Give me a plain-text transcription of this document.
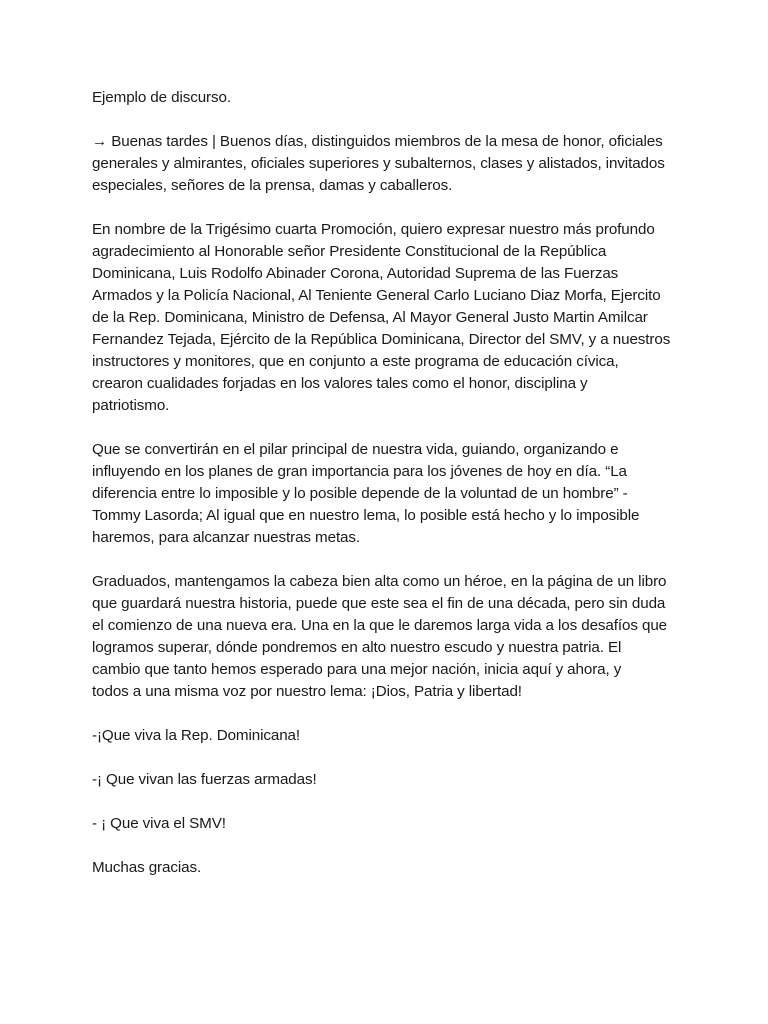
Ejemplo de discurso.

→ Buenas tardes | Buenos días, distinguidos miembros de la mesa de honor, oficiales
generales y almirantes, oficiales superiores y subalternos, clases y alistados, invitados
especiales, señores de la prensa, damas y caballeros.

En nombre de la Trigésimo cuarta Promoción, quiero expresar nuestro más profundo
agradecimiento al Honorable señor Presidente Constitucional de la República
Dominicana, Luis Rodolfo Abinader Corona, Autoridad Suprema de las Fuerzas
Armados y la Policía Nacional, Al Teniente General Carlo Luciano Diaz Morfa, Ejercito
de la Rep. Dominicana, Ministro de Defensa, Al Mayor General Justo Martin Amilcar
Fernandez Tejada, Ejército de la República Dominicana, Director del SMV, y a nuestros
instructores y monitores, que en conjunto a este programa de educación cívica,
crearon cualidades forjadas en los valores tales como el honor, disciplina y
patriotismo.

Que se convertirán en el pilar principal de nuestra vida, guiando, organizando e
influyendo en los planes de gran importancia para los jóvenes de hoy en día. “La
diferencia entre lo imposible y lo posible depende de la voluntad de un hombre” -
Tommy Lasorda; Al igual que en nuestro lema, lo posible está hecho y lo imposible
haremos, para alcanzar nuestras metas.

Graduados, mantengamos la cabeza bien alta como un héroe, en la página de un libro
que guardará nuestra historia, puede que este sea el fin de una década, pero sin duda
el comienzo de una nueva era. Una en la que le daremos larga vida a los desafíos que
logramos superar, dónde pondremos en alto nuestro escudo y nuestra patria. El
cambio que tanto hemos esperado para una mejor nación, inicia aquí y ahora, y
todos a una misma voz por nuestro lema: ¡Dios, Patria y libertad!

-¡Que viva la Rep. Dominicana!

-¡ Que vivan las fuerzas armadas!

- ¡ Que viva el SMV!

Muchas gracias.
